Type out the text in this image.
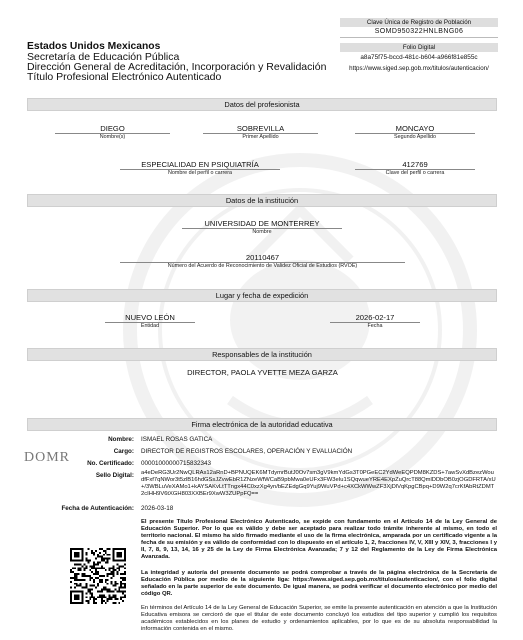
Estados Unidos Mexicanos
Secretaría de Educación Pública
Dirección General de Acreditación, Incorporación y Revalidación
Título Profesional Electrónico Autenticado
Clave Única de Registro de Población
SOMD950322HNLBNG06
Folio Digital
a8a75f75-bccd-481c-b604-a966f81e855c
https://www.siged.sep.gob.mx/titulos/autenticacion/
Datos del profesionista
DIEGO
Nombre(s)
SOBREVILLA
Primer Apellido
MONCAYO
Segundo Apellido
ESPECIALIDAD EN PSIQUIATRÍA
Nombre del perfil o carrera
412769
Clave del perfil o carrera
Datos de la institución
UNIVERSIDAD DE MONTERREY
Nombre
20110467
Número del Acuerdo de Reconocimiento de Validez Oficial de Estudios (RVOE)
Lugar y fecha de expedición
NUEVO LEÓN
Entidad
2026-02-17
Fecha
Responsables de la institución
DIRECTOR, PAOLA YVETTE MEZA GARZA
Firma electrónica de la autoridad educativa
DOMR
Nombre: ISMAEL ROSAS GATICA
Cargo: DIRECTOR DE REGISTROS ESCOLARES, OPERACIÓN Y EVALUACIÓN
No. Certificado: 00001000000715832343
Sello Digital: a4eDeRG3Ur2NwQLRAs12aRnD+BPNUQEK6MTdymrButJ0Ov7sm3gV9kmYdGs3T0PGeEC2YdWeEQPDM8KZDS+7awSvXdBzezWoudfFxf7qNWor3t5zlB16hdGSsJZvwEbR1ZNzeWfWCaB9pbMwa0eUFx3FW3eIu1SQqwueYRE4EXpZuQrcT88QmlDDbOB0zjOGDFRTA/xU+/3WBLuVeXAMo1+kAYSAKvLtTTngx44C0xzXg4yn/bEZEdgGq9Yuj9WuVPd+c4XCkWWwZF3XjDlVqKpgCBpq+D9W2q7crKfAbRtZDMT2cIHH9V6tXGH803XXBEr9XwW3ZUPpFQ==
Fecha de Autenticación: 2026-03-18
El presente Título Profesional Electrónico Autenticado, se expide con fundamento en el Artículo 14 de la Ley General de Educación Superior. Por lo que es válido y debe ser aceptado para realizar todo trámite inherente al mismo, en todo el territorio nacional. El mismo ha sido firmado mediante el uso de la firma electrónica, amparada por un certificado vigente a la fecha de su emisión y es válido de conformidad con lo dispuesto en el artículo 1, 2, fracciones IV, V, XIII y XIV, 3, fracciones I y II, 7, 8, 9, 13, 14, 16 y 25 de la Ley de Firma Electrónica Avanzada; 7 y 12 del Reglamento de la Ley de Firma Electrónica Avanzada.
La integridad y autoría del presente documento se podrá comprobar a través de la página electrónica de la Secretaría de Educación Pública por medio de la siguiente liga: https://www.siged.sep.gob.mx/titulos/autenticacion/, con el folio digital señalado en la parte superior de este documento. De igual manera, se podrá verificar el documento electrónico por medio del código QR.
En términos del Artículo 14 de la Ley General de Educación Superior, se emite la presente autenticación en atención a que la Institución Educativa emisora se cercioró de que el titular de este documento concluyó los estudios del tipo superior y cumplió los requisitos académicos establecidos en los planes de estudio y ordenamientos aplicables, por lo que es de su absoluta responsabilidad la información contenida en el mismo.
